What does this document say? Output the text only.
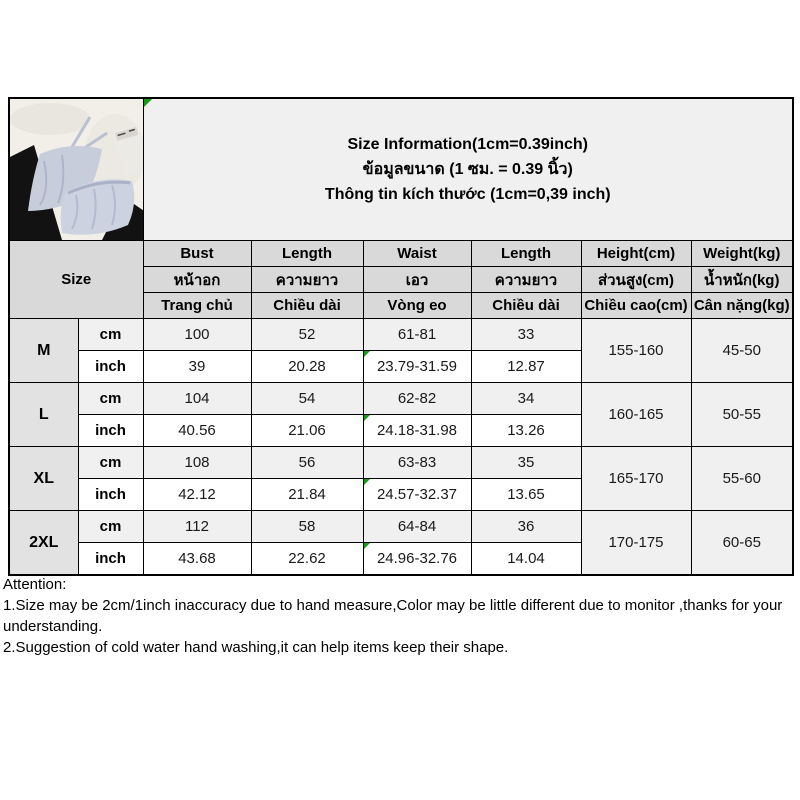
Size Information(1cm=0.39inch)
ข้อมูลขนาด (1 ซม. = 0.39 นิ้ว)
Thông tin kích thước (1cm=0,39 inch)					

Size		Bust	Length	Waist	Length	Height(cm)	Weight(kg)
		หน้าอก	ความยาว	เอว	ความยาว	ส่วนสูง(cm)	น้ำหนัก(kg)
		Trang chủ	Chiều dài	Vòng eo	Chiều dài	Chiều cao(cm)	Cân nặng(kg)
M	cm	100	52	61-81	33	155-160	45-50
	inch	39	20.28	23.79-31.59	12.87		
L	cm	104	54	62-82	34	160-165	50-55
	inch	40.56	21.06	24.18-31.98	13.26		
XL	cm	108	56	63-83	35	165-170	55-60
	inch	42.12	21.84	24.57-32.37	13.65		
2XL	cm	112	58	64-84	36	170-175	60-65
	inch	43.68	22.62	24.96-32.76	14.04		
Attention:
1.Size may be 2cm/1inch inaccuracy due to hand measure,Color may be little different due to monitor ,thanks for your understanding.
2.Suggestion of cold water hand washing,it can help items keep their shape.
